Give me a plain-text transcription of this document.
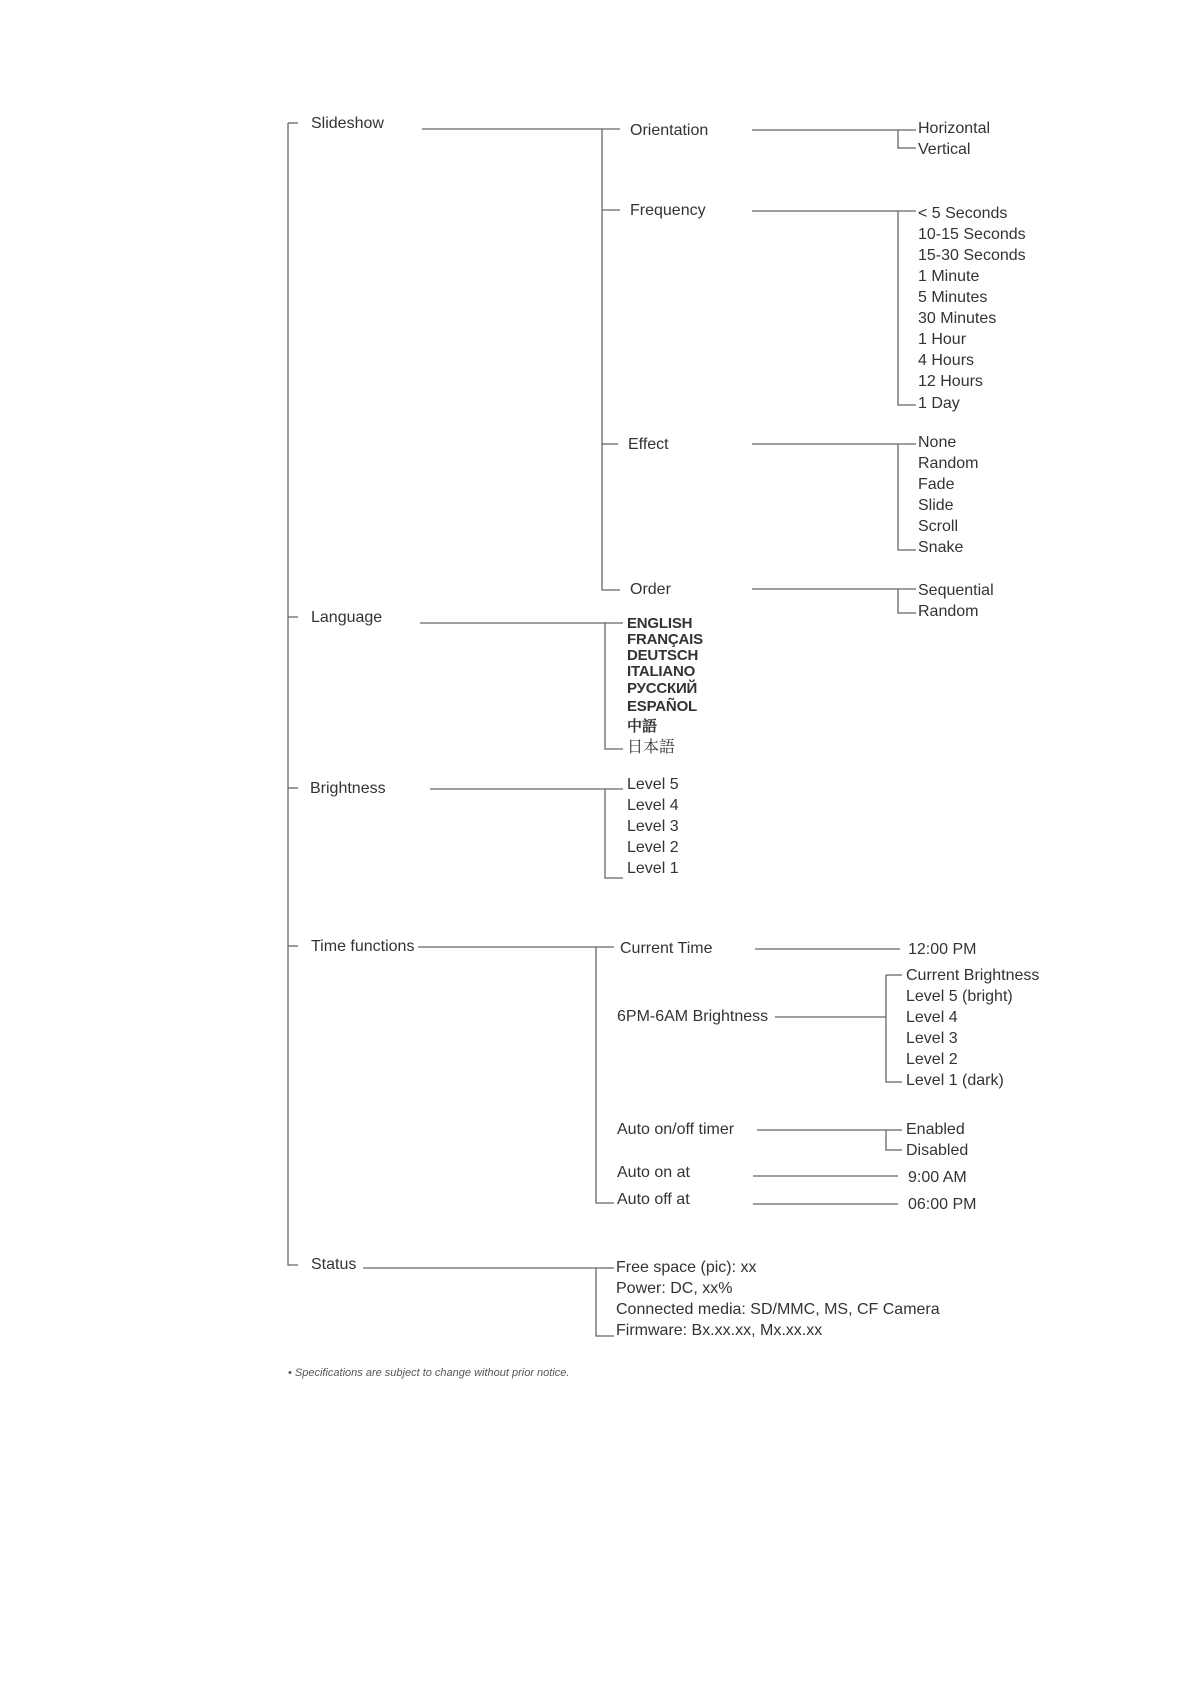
Slideshow
Language
Brightness
Time functions
Status
Orientation
Frequency
Effect
Order
Horizontal
Vertical
< 5 Seconds
10-15 Seconds
15-30 Seconds
1 Minute
5 Minutes
30 Minutes
1 Hour
4 Hours
12 Hours
1 Day
None
Random
Fade
Slide
Scroll
Snake
Sequential
Random
ENGLISH
FRANÇAIS
DEUTSCH
ITALIANO
РУССКИЙ
ESPAÑOL
中語
日本語
Level 5
Level 4
Level 3
Level 2
Level 1
Current Time	12:00 PM
6PM-6AM Brightness
Current Brightness
Level 5 (bright)
Level 4
Level 3
Level 2
Level 1 (dark)
Auto on/off timer	Enabled
Disabled
Auto on at	9:00 AM
Auto off at	06:00 PM
Free space (pic): xx
Power: DC, xx%
Connected media: SD/MMC, MS, CF Camera
Firmware: Bx.xx.xx, Mx.xx.xx
• Specifications are subject to change without prior notice.
